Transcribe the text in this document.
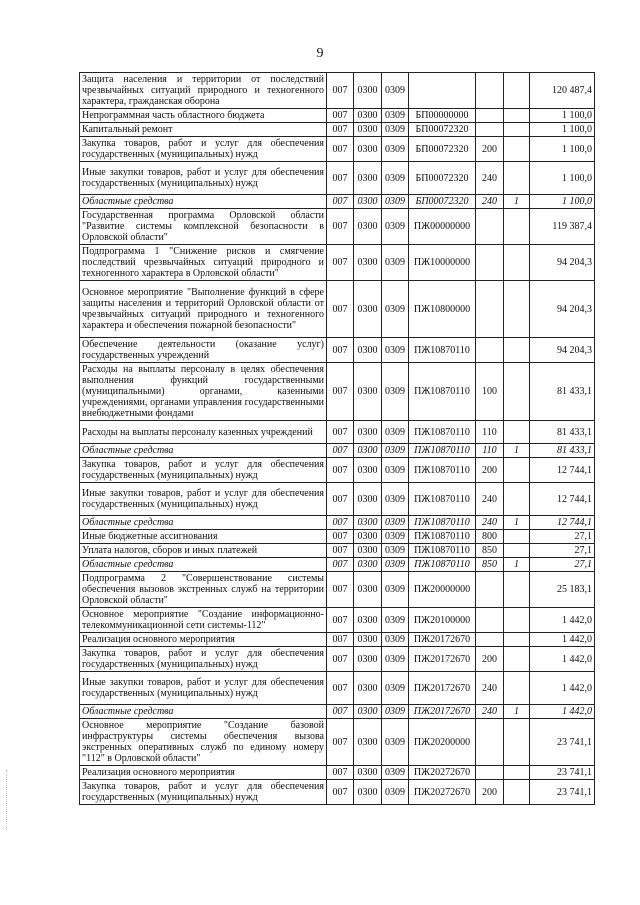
9
Защита населения и территории от последствий чрезвычайных ситуаций природного и техногенного характера, гражданская оборона	007	0300	0309				120 487,4
Непрограммная часть областного бюджета	007	0300	0309	БП00000000			1 100,0
Капитальный ремонт	007	0300	0309	БП00072320			1 100,0
Закупка товаров, работ и услуг для обеспечения государственных (муниципальных) нужд	007	0300	0309	БП00072320	200		1 100,0
Иные закупки товаров, работ и услуг для обеспечения государственных (муниципальных) нужд	007	0300	0309	БП00072320	240		1 100,0
Областные средства	007	0300	0309	БП00072320	240	1	1 100,0
Государственная программа Орловской области "Развитие системы комплексной безопасности в Орловской области"	007	0300	0309	ПЖ00000000			119 387,4
Подпрограмма 1 "Снижение рисков и смягчение последствий чрезвычайных ситуаций природного и техногенного характера в Орловской области"	007	0300	0309	ПЖ10000000			94 204,3
Основное мероприятие "Выполнение функций в сфере защиты населения и территорий Орловской области от чрезвычайных ситуаций природного и техногенного характера и обеспечения пожарной безопасности"	007	0300	0309	ПЖ10800000			94 204,3
Обеспечение деятельности (оказание услуг) государственных учреждений	007	0300	0309	ПЖ10870110			94 204,3
Расходы на выплаты персоналу в целях обеспечения выполнения функций государственными (муниципальными) органами, казенными учреждениями, органами управления государственными внебюджетными фондами	007	0300	0309	ПЖ10870110	100		81 433,1
Расходы на выплаты персоналу казенных учреждений	007	0300	0309	ПЖ10870110	110		81 433,1
Областные средства	007	0300	0309	ПЖ10870110	110	1	81 433,1
Закупка товаров, работ и услуг для обеспечения государственных (муниципальных) нужд	007	0300	0309	ПЖ10870110	200		12 744,1
Иные закупки товаров, работ и услуг для обеспечения государственных (муниципальных) нужд	007	0300	0309	ПЖ10870110	240		12 744,1
Областные средства	007	0300	0309	ПЖ10870110	240	1	12 744,1
Иные бюджетные ассигнования	007	0300	0309	ПЖ10870110	800		27,1
Уплата налогов, сборов и иных платежей	007	0300	0309	ПЖ10870110	850		27,1
Областные средства	007	0300	0309	ПЖ10870110	850	1	27,1
Подпрограмма 2 "Совершенствование системы обеспечения вызовов экстренных служб на территории Орловской области"	007	0300	0309	ПЖ20000000			25 183,1
Основное мероприятие "Создание информационно-телекоммуникационной сети системы-112"	007	0300	0309	ПЖ20100000			1 442,0
Реализация основного мероприятия	007	0300	0309	ПЖ20172670			1 442,0
Закупка товаров, работ и услуг для обеспечения государственных (муниципальных) нужд	007	0300	0309	ПЖ20172670	200		1 442,0
Иные закупки товаров, работ и услуг для обеспечения государственных (муниципальных) нужд	007	0300	0309	ПЖ20172670	240		1 442,0
Областные средства	007	0300	0309	ПЖ20172670	240	1	1 442,0
Основное мероприятие "Создание базовой инфраструктуры системы обеспечения вызова экстренных оперативных служб по единому номеру "112" в Орловской области"	007	0300	0309	ПЖ20200000			23 741,1
Реализация основного мероприятия	007	0300	0309	ПЖ20272670			23 741,1
Закупка товаров, работ и услуг для обеспечения государственных (муниципальных) нужд	007	0300	0309	ПЖ20272670	200		23 741,1
